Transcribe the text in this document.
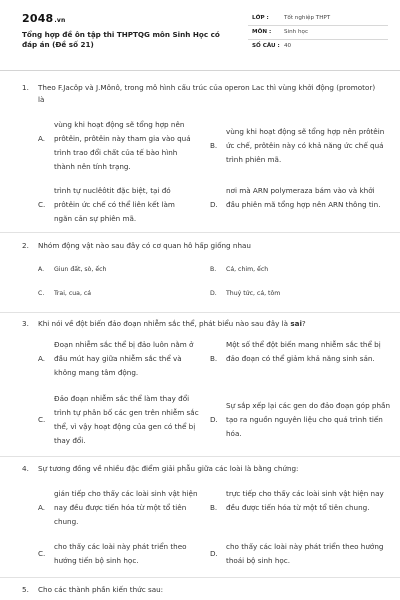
2048.vn
Tổng hợp đề ôn tập thi THPTQG môn Sinh Học có đáp án (Đề số 21)
LỚP :	Tốt nghiệp THPT
MÔN : Sinh học
SỐ CÂU : 40
1. Theo F.Jacôp và J.Mônô, trong mô hình cấu trúc của operon Lac thì vùng khởi động (promotor) là
A.
vùng khi hoạt động sẽ tổng hợp nên prôtêin, prôtêin này tham gia vào quá trình trao đổi chất của tế bào hình thành nên tính trạng.
B.
vùng khi hoạt động sẽ tổng hợp nên prôtêin ức chế, prôtêin này có khả năng ức chế quá trình phiên mã.
C.
trình tự nuclêôtit đặc biệt, tại đó prôtêin ức chế có thể liên kết làm ngăn cản sự phiên mã.
D.
nơi mà ARN polymeraza bám vào và khởi đầu phiên mã tổng hợp nên ARN thông tin.
2. Nhóm động vật nào sau đây có cơ quan hô hấp giống nhau
A. Giun đất, sò, ếch	B. Cá, chim, ếch
C. Trai, cua, cá	D. Thuỷ tức, cá, tôm
3. Khi nói về đột biến đảo đoạn nhiễm sắc thể, phát biểu nào sau đây là sai?
A.
Đoạn nhiễm sắc thể bị đảo luôn nằm ở đầu mút hay giữa nhiễm sắc thể và không mang tâm động.
B.
Một số thể đột biến mang nhiễm sắc thể bị đảo đoạn có thể giảm khả năng sinh sản.
C.
Đảo đoạn nhiễm sắc thể làm thay đổi trình tự phân bố các gen trên nhiễm sắc thể, vì vậy hoạt động của gen có thể bị thay đổi.
D.
Sự sắp xếp lại các gen do đảo đoạn góp phần tạo ra nguồn nguyên liệu cho quá trình tiến hóa.
4. Sự tương đồng về nhiều đặc điểm giải phẫu giữa các loài là bằng chứng:
A.
gián tiếp cho thấy các loài sinh vật hiện nay đều được tiến hóa từ một tổ tiên chung.
B.
trực tiếp cho thấy các loài sinh vật hiện nay đều được tiến hóa từ một tổ tiên chung.
C.
cho thấy các loài này phát triển theo hướng tiến bộ sinh học.
D.
cho thấy các loài này phát triển theo hướng thoái bộ sinh học.
5. Cho các thành phần kiến thức sau:
